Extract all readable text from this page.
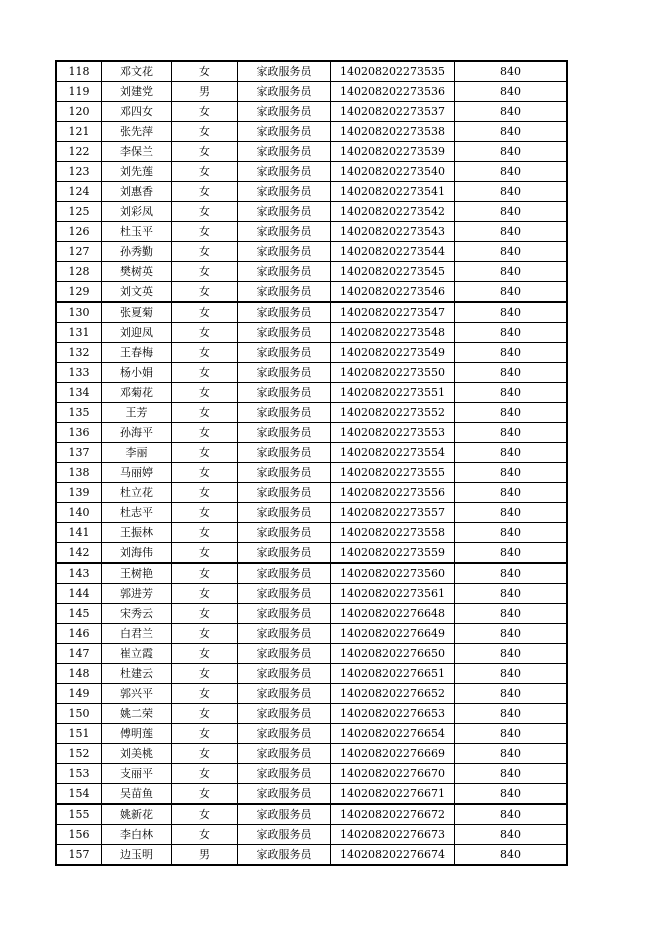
118	邓文花	女	家政服务员	140208202273535	840
119	刘建党	男	家政服务员	140208202273536	840
120	邓四女	女	家政服务员	140208202273537	840
121	张先萍	女	家政服务员	140208202273538	840
122	李保兰	女	家政服务员	140208202273539	840
123	刘先莲	女	家政服务员	140208202273540	840
124	刘惠香	女	家政服务员	140208202273541	840
125	刘彩凤	女	家政服务员	140208202273542	840
126	杜玉平	女	家政服务员	140208202273543	840
127	孙秀勤	女	家政服务员	140208202273544	840
128	樊树英	女	家政服务员	140208202273545	840
129	刘文英	女	家政服务员	140208202273546	840
130	张夏菊	女	家政服务员	140208202273547	840
131	刘迎凤	女	家政服务员	140208202273548	840
132	王春梅	女	家政服务员	140208202273549	840
133	杨小娟	女	家政服务员	140208202273550	840
134	邓菊花	女	家政服务员	140208202273551	840
135	王芳	女	家政服务员	140208202273552	840
136	孙海平	女	家政服务员	140208202273553	840
137	李丽	女	家政服务员	140208202273554	840
138	马丽婷	女	家政服务员	140208202273555	840
139	杜立花	女	家政服务员	140208202273556	840
140	杜志平	女	家政服务员	140208202273557	840
141	王振林	女	家政服务员	140208202273558	840
142	刘海伟	女	家政服务员	140208202273559	840
143	王树艳	女	家政服务员	140208202273560	840
144	郭进芳	女	家政服务员	140208202273561	840
145	宋秀云	女	家政服务员	140208202276648	840
146	白君兰	女	家政服务员	140208202276649	840
147	崔立霞	女	家政服务员	140208202276650	840
148	杜建云	女	家政服务员	140208202276651	840
149	郭兴平	女	家政服务员	140208202276652	840
150	姚二荣	女	家政服务员	140208202276653	840
151	傅明莲	女	家政服务员	140208202276654	840
152	刘美桃	女	家政服务员	140208202276669	840
153	支丽平	女	家政服务员	140208202276670	840
154	吴苗鱼	女	家政服务员	140208202276671	840
155	姚新花	女	家政服务员	140208202276672	840
156	李白林	女	家政服务员	140208202276673	840
157	边玉明	男	家政服务员	140208202276674	840
